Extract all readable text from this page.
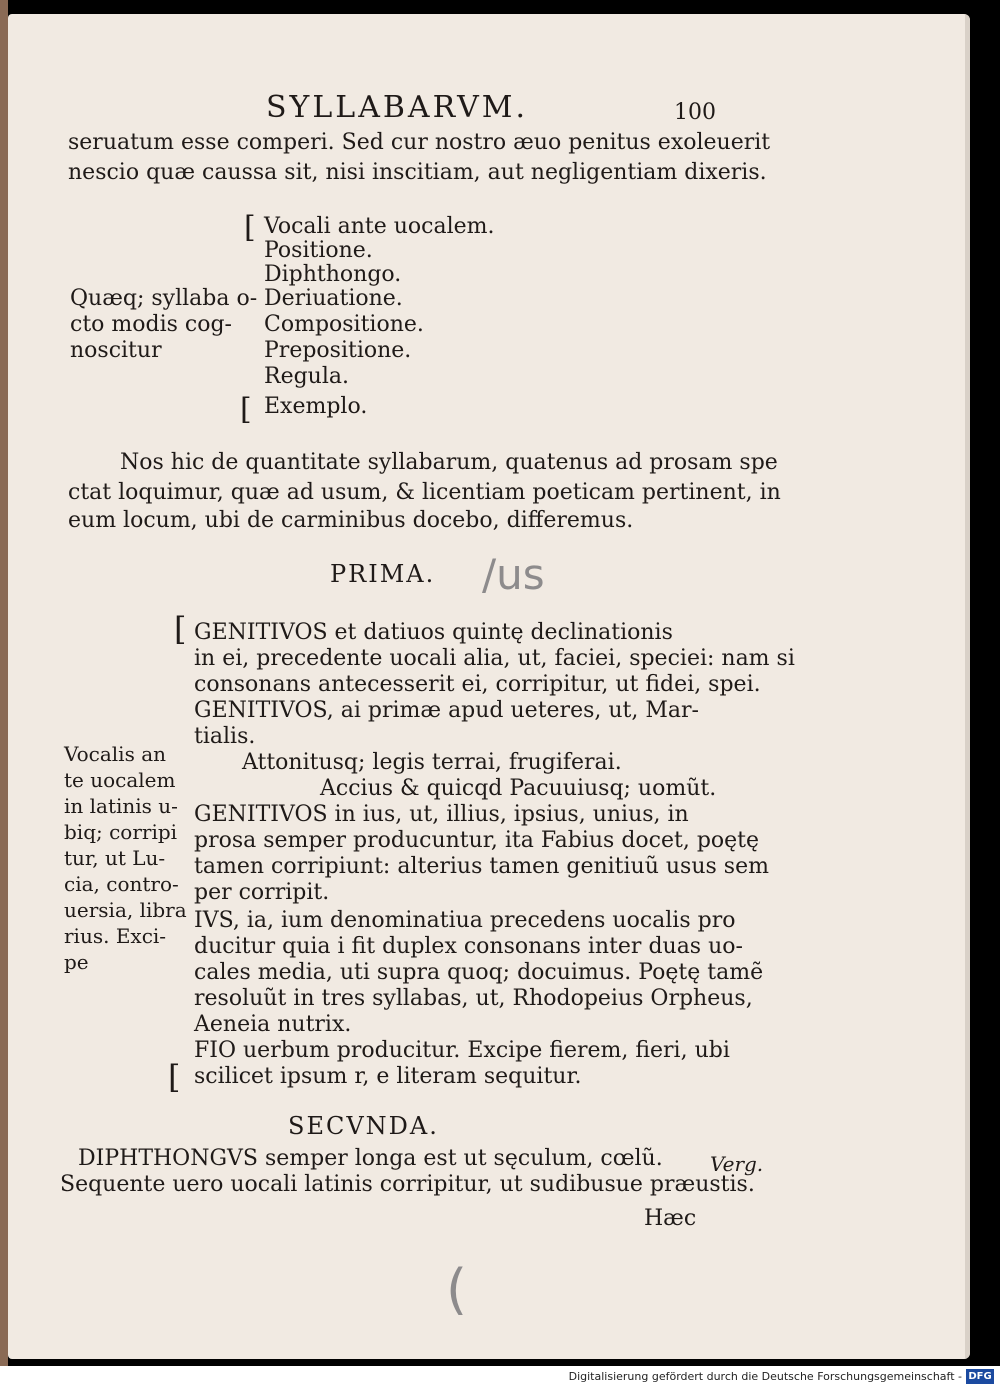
SYLLABARVM.	100
seruatum esse comperi. Sed cur nostro æuo penitus exoleuerit
nescio quæ caussa sit, nisi inscitiam, aut negligentiam dixeris.
[
[
Vocali ante uocalem.
Positione.
Diphthongo.
Deriuatione.
Compositione.
Prepositione.
Regula.
Exemplo.
Quæq; syllaba o-
cto modis cog-
noscitur
Nos hic de quantitate syllabarum, quatenus ad prosam spe
ctat loquimur, quæ ad usum, & licentiam poeticam pertinent, in
eum locum, ubi de carminibus docebo, differemus.
PRIMA. /us
Vocalis an
te uocalem
in latinis u-
biq; corripi
tur, ut Lu-
cia, contro-
uersia, libra
rius. Exci-
pe
[
[
GENITIVOS et datiuos quintę declinationis
in ei, precedente uocali alia, ut, faciei, speciei: nam si
consonans antecesserit ei, corripitur, ut fidei, spei.
GENITIVOS, ai primæ apud ueteres, ut, Mar-
tialis.
Attonitusq; legis terrai, frugiferai.
Accius & quicqd Pacuuiusq; uomũt.
GENITIVOS in ius, ut, illius, ipsius, unius, in
prosa semper producuntur, ita Fabius docet, poętę
tamen corripiunt: alterius tamen genitiuũ usus sem
per corripit.
IVS, ia, ium denominatiua precedens uocalis pro
ducitur quia i fit duplex consonans inter duas uo-
cales media, uti supra quoq; docuimus. Poętę tamẽ
resoluũt in tres syllabas, ut, Rhodopeius Orpheus,
Aeneia nutrix.
FIO uerbum producitur. Excipe fierem, fieri, ubi
scilicet ipsum r, e literam sequitur.
SECVNDA.
DIPHTHONGVS semper longa est ut sęculum, cœlũ.
Sequente uero uocali latinis corripitur, ut sudibusue præustis.
Verg.
Hæc
(
Digitalisierung gefördert durch die Deutsche Forschungsgemeinschaft - DFG
